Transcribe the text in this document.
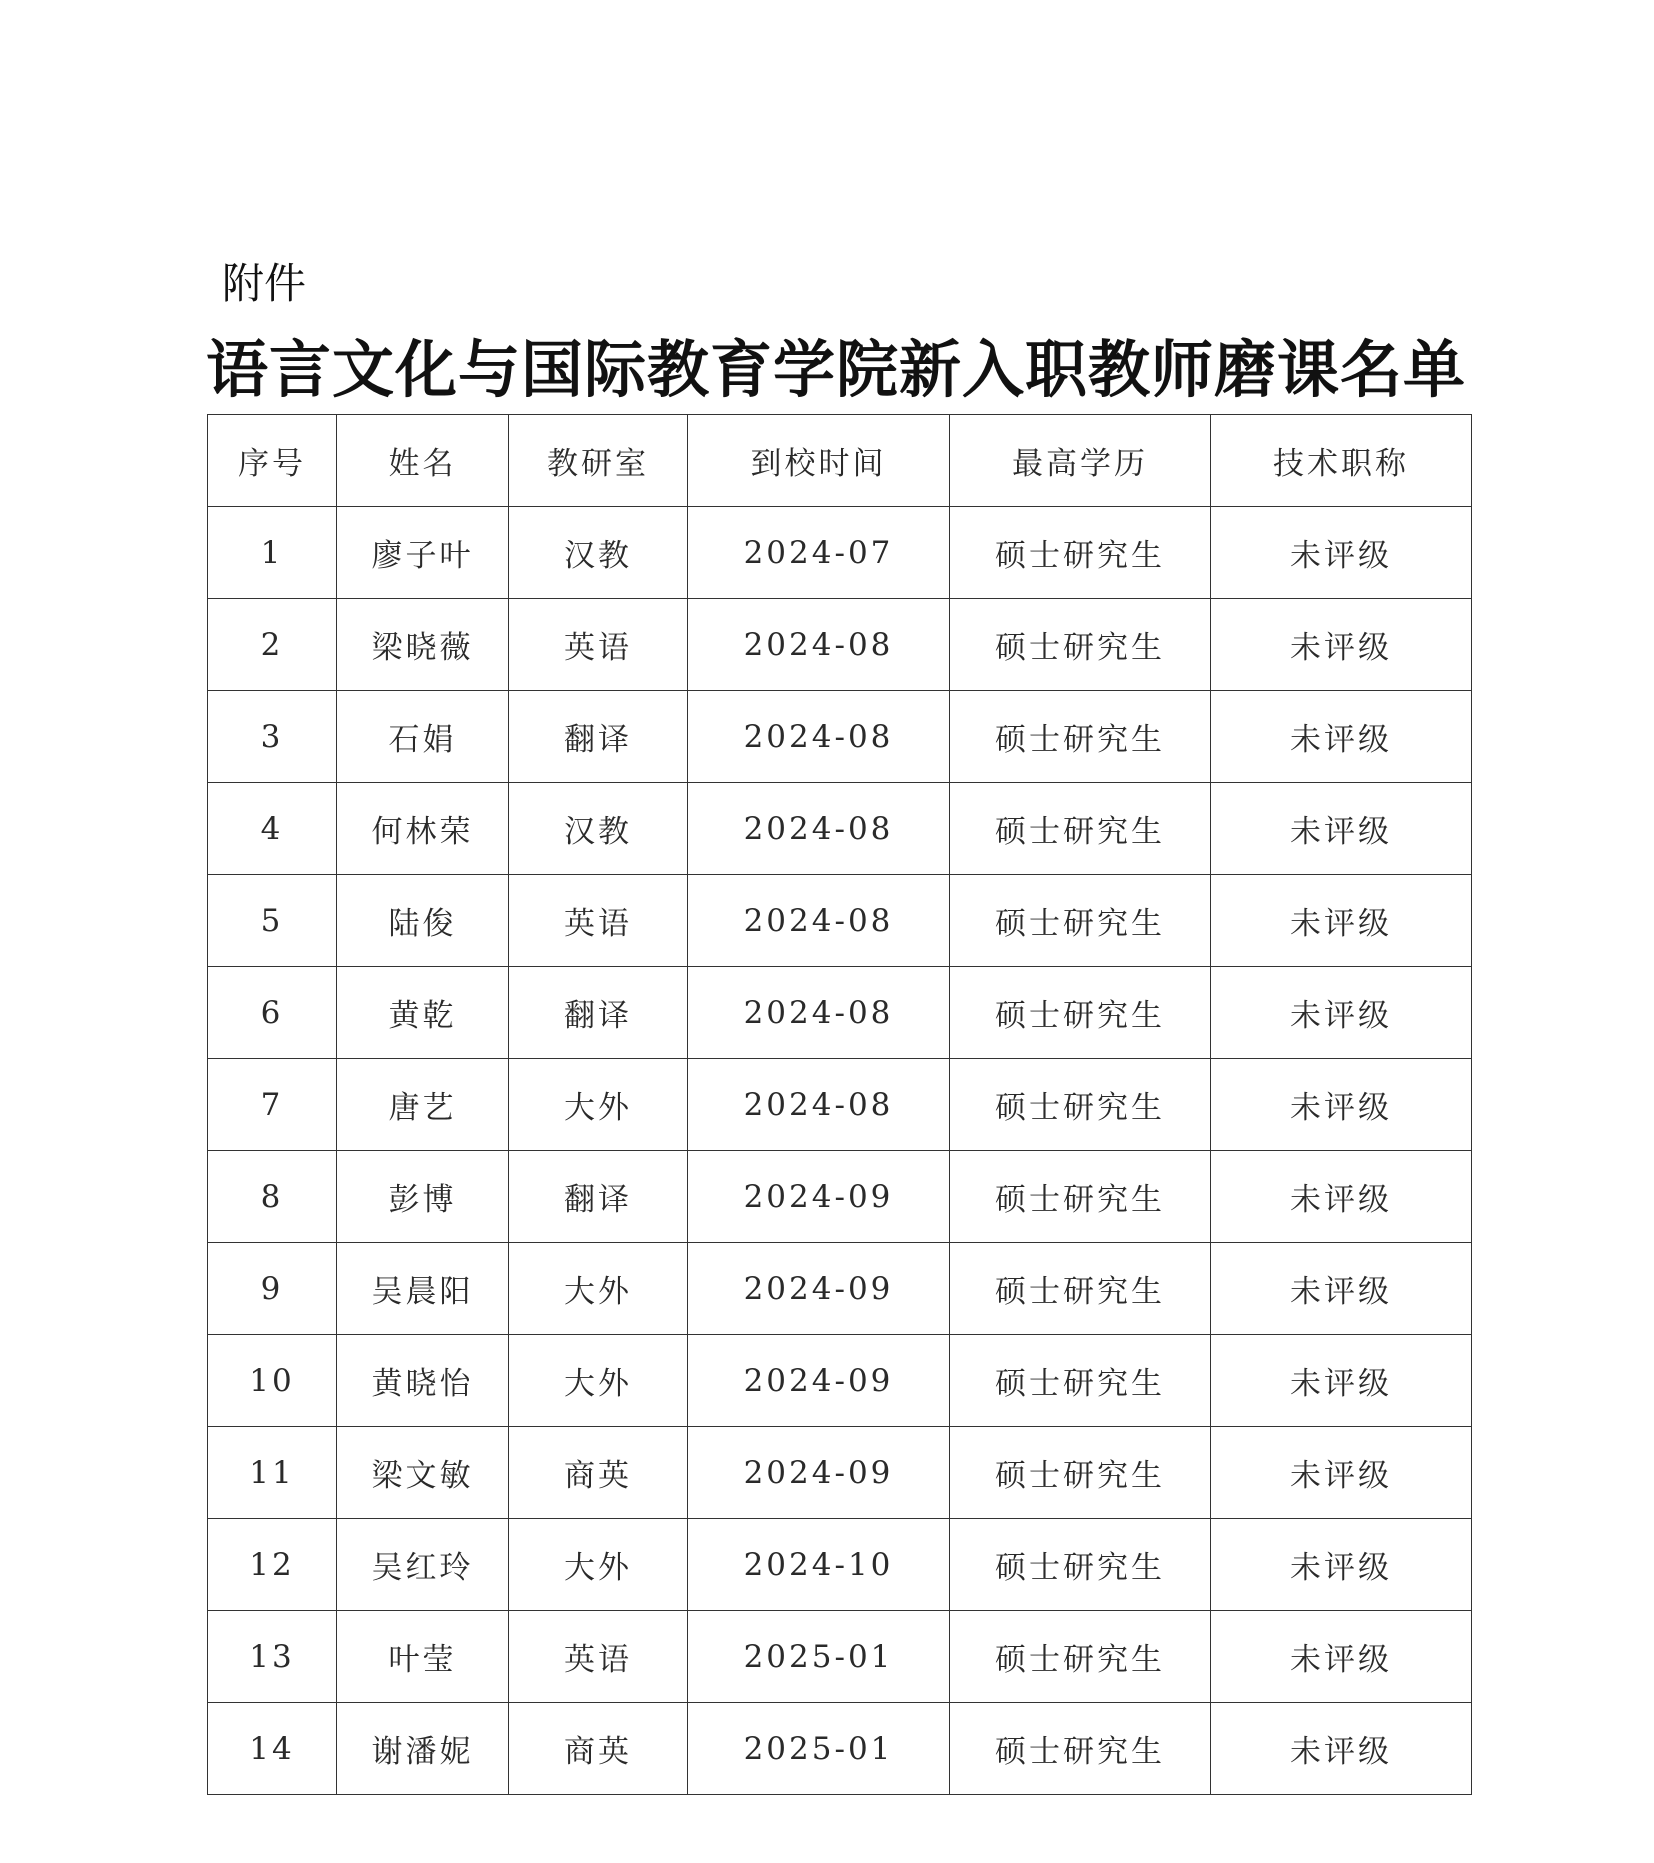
附件
语言文化与国际教育学院新入职教师磨课名单
序号	姓名	教研室	到校时间	最高学历	技术职称
1	廖子叶	汉教	2024-07	硕士研究生	未评级
2	梁晓薇	英语	2024-08	硕士研究生	未评级
3	石娟	翻译	2024-08	硕士研究生	未评级
4	何林荣	汉教	2024-08	硕士研究生	未评级
5	陆俊	英语	2024-08	硕士研究生	未评级
6	黄乾	翻译	2024-08	硕士研究生	未评级
7	唐艺	大外	2024-08	硕士研究生	未评级
8	彭博	翻译	2024-09	硕士研究生	未评级
9	吴晨阳	大外	2024-09	硕士研究生	未评级
10	黄晓怡	大外	2024-09	硕士研究生	未评级
11	梁文敏	商英	2024-09	硕士研究生	未评级
12	吴红玲	大外	2024-10	硕士研究生	未评级
13	叶莹	英语	2025-01	硕士研究生	未评级
14	谢潘妮	商英	2025-01	硕士研究生	未评级
